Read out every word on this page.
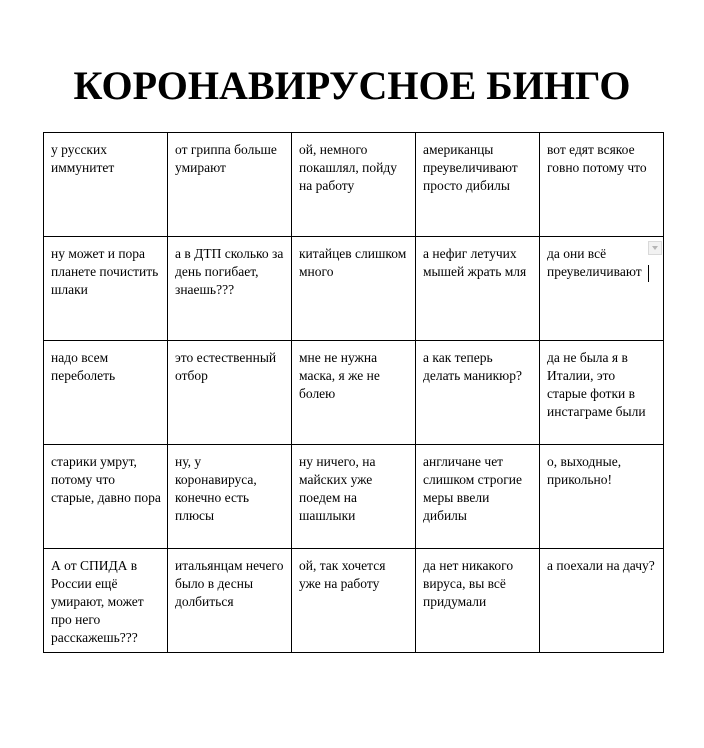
КОРОНАВИРУСНОЕ БИНГО
у русских иммунитет	от гриппа больше умирают	ой, немного покашлял, пойду на работу	американцы преувеличивают просто дибилы	вот едят всякое говно потому что

ну может и пора планете почистить шлаки	а в ДТП сколько за день погибает, знаешь???	китайцев слишком много	а нефиг летучих мышей жрать мля	да они всё преувеличивают

надо всем переболеть	это естественный отбор	мне не нужна маска, я же не болею	а как теперь делать маникюр?	да не была я в Италии, это старые фотки в инстаграме были

старики умрут, потому что старые, давно пора	ну, у коронавируса, конечно есть плюсы	ну ничего, на майских уже поедем на шашлыки	англичане чет слишком строгие меры ввели дибилы	о, выходные, прикольно!

А от СПИДА в России ещё умирают, может про него расскажешь???	итальянцам нечего было в десны долбиться	ой, так хочется уже на работу	да нет никакого вируса, вы всё придумали	а поехали на дачу?
